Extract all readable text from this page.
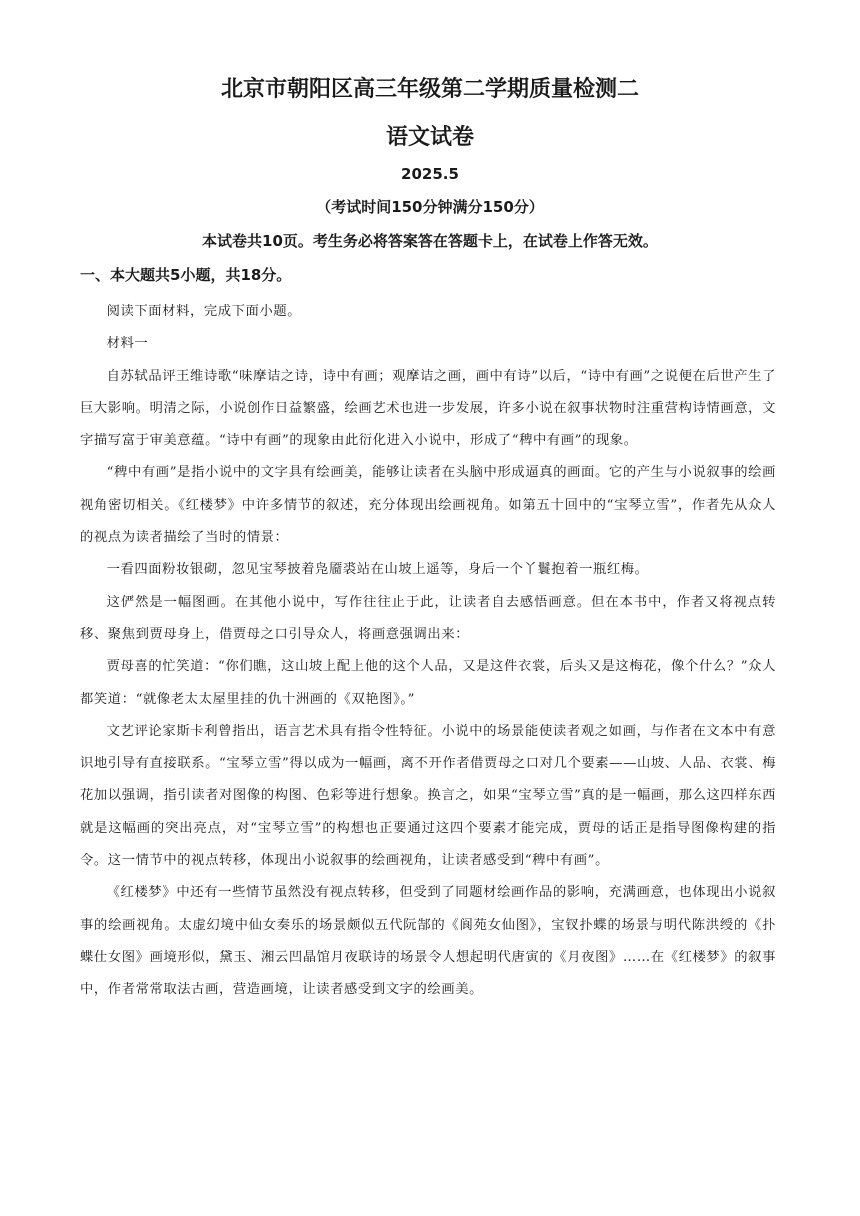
北京市朝阳区高三年级第二学期质量检测二
语文试卷
2025.5
（考试时间150分钟满分150分）
本试卷共10页。考生务必将答案答在答题卡上，在试卷上作答无效。
一、本大题共5小题，共18分。

阅读下面材料，完成下面小题。

材料一

自苏轼品评王维诗歌“味摩诘之诗，诗中有画；观摩诘之画，画中有诗”以后，“诗中有画”之说便在后世产生了巨大影响。明清之际，小说创作日益繁盛，绘画艺术也进一步发展，许多小说在叙事状物时注重营构诗情画意，文字描写富于审美意蕴。“诗中有画”的现象由此衍化进入小说中，形成了“稗中有画”的现象。

“稗中有画”是指小说中的文字具有绘画美，能够让读者在头脑中形成逼真的画面。它的产生与小说叙事的绘画视角密切相关。《红楼梦》中许多情节的叙述，充分体现出绘画视角。如第五十回中的“宝琴立雪”，作者先从众人的视点为读者描绘了当时的情景：

一看四面粉妆银砌，忽见宝琴披着凫靥裘站在山坡上遥等，身后一个丫鬟抱着一瓶红梅。

这俨然是一幅图画。在其他小说中，写作往往止于此，让读者自去感悟画意。但在本书中，作者又将视点转移、聚焦到贾母身上，借贾母之口引导众人，将画意强调出来：

贾母喜的忙笑道：“你们瞧，这山坡上配上他的这个人品，又是这件衣裳，后头又是这梅花，像个什么？”众人都笑道：“就像老太太屋里挂的仇十洲画的《双艳图》。”

文艺评论家斯卡利曾指出，语言艺术具有指令性特征。小说中的场景能使读者观之如画，与作者在文本中有意识地引导有直接联系。“宝琴立雪”得以成为一幅画，离不开作者借贾母之口对几个要素——山坡、人品、衣裳、梅花加以强调，指引读者对图像的构图、色彩等进行想象。换言之，如果“宝琴立雪”真的是一幅画，那么这四样东西就是这幅画的突出亮点，对“宝琴立雪”的构想也正要通过这四个要素才能完成，贾母的话正是指导图像构建的指令。这一情节中的视点转移，体现出小说叙事的绘画视角，让读者感受到“稗中有画”。

《红楼梦》中还有一些情节虽然没有视点转移，但受到了同题材绘画作品的影响，充满画意，也体现出小说叙事的绘画视角。太虚幻境中仙女奏乐的场景颇似五代阮郜的《阆苑女仙图》，宝钗扑蝶的场景与明代陈洪绶的《扑蝶仕女图》画境形似，黛玉、湘云凹晶馆月夜联诗的场景令人想起明代唐寅的《月夜图》……在《红楼梦》的叙事中，作者常常取法古画，营造画境，让读者感受到文字的绘画美。
